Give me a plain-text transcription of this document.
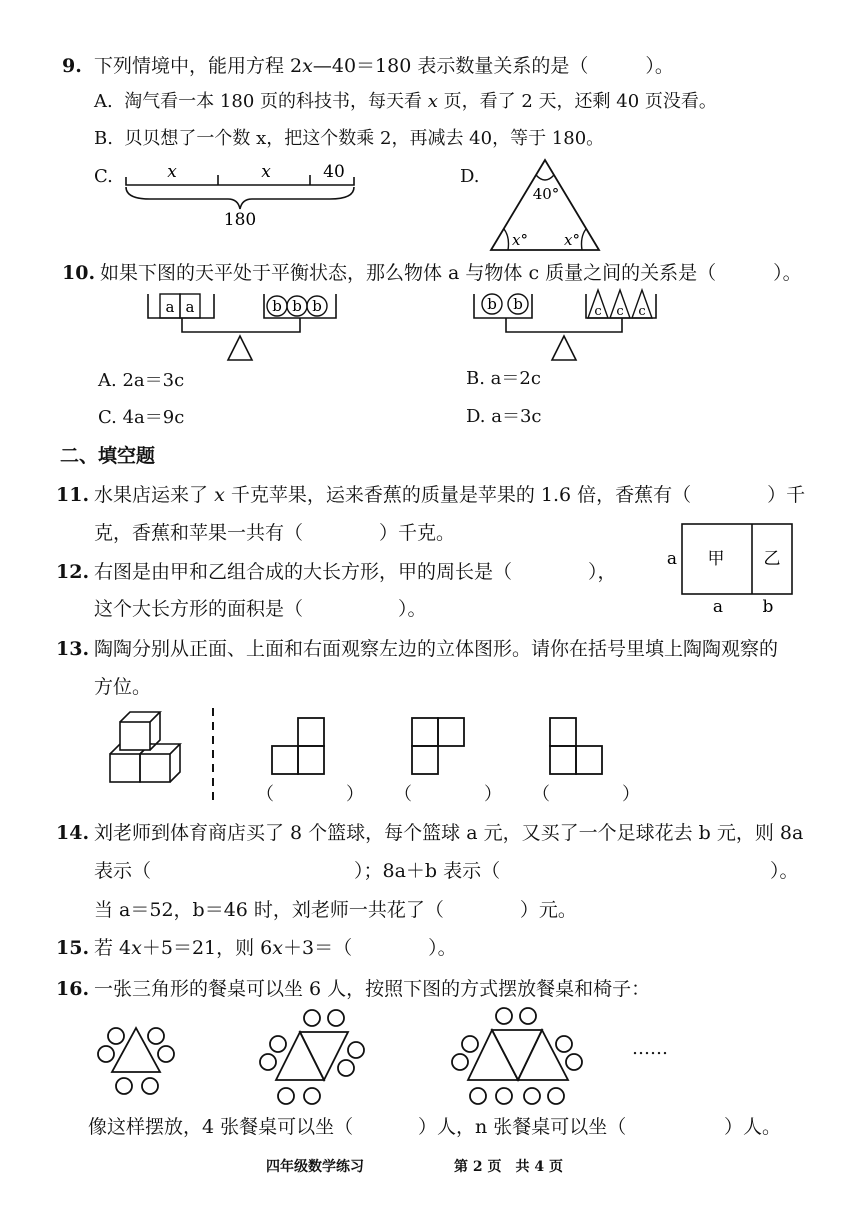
9. 下列情境中，能用方程 2x—40＝180 表示数量关系的是（　　　）。
A. 淘气看一本 180 页的科技书，每天看 x 页，看了 2 天，还剩 40 页没看。
B. 贝贝想了一个数 x，把这个数乘 2，再减去 40，等于 180。
C.	x	x	40
180
D.
40°
x° x°
10. 如果下图的天平处于平衡状态，那么物体 a 与物体 c 质量之间的关系是（　　　）。
a a	b b b	b b	c c c
A. 2a＝3c	B. a＝2c
C. 4a＝9c	D. a＝3c
二、填空题
11. 水果店运来了 x 千克苹果，运来香蕉的质量是苹果的 1.6 倍，香蕉有（　　　　）千
克，香蕉和苹果一共有（　　　　）千克。
12. 右图是由甲和乙组合成的大长方形，甲的周长是（　　　　），
这个大长方形的面积是（　　　　　）。
a 甲 乙
a b
13. 陶陶分别从正面、上面和右面观察左边的立体图形。请你在括号里填上陶陶观察的
方位。
（　　　　） （　　　　） （　　　　）
14. 刘老师到体育商店买了 8 个篮球，每个篮球 a 元，又买了一个足球花去 b 元，则 8a
表示（	）；8a＋b 表示（	）。
当 a＝52，b＝46 时，刘老师一共花了（　　　　）元。
15. 若 4x＋5＝21，则 6x＋3＝（　　　　）。
16. 一张三角形的餐桌可以坐 6 人，按照下图的方式摆放餐桌和椅子：
……
像这样摆放，4 张餐桌可以坐（	）人，n 张餐桌可以坐（	）人。
四年级数学练习	第 2 页　共 4 页
